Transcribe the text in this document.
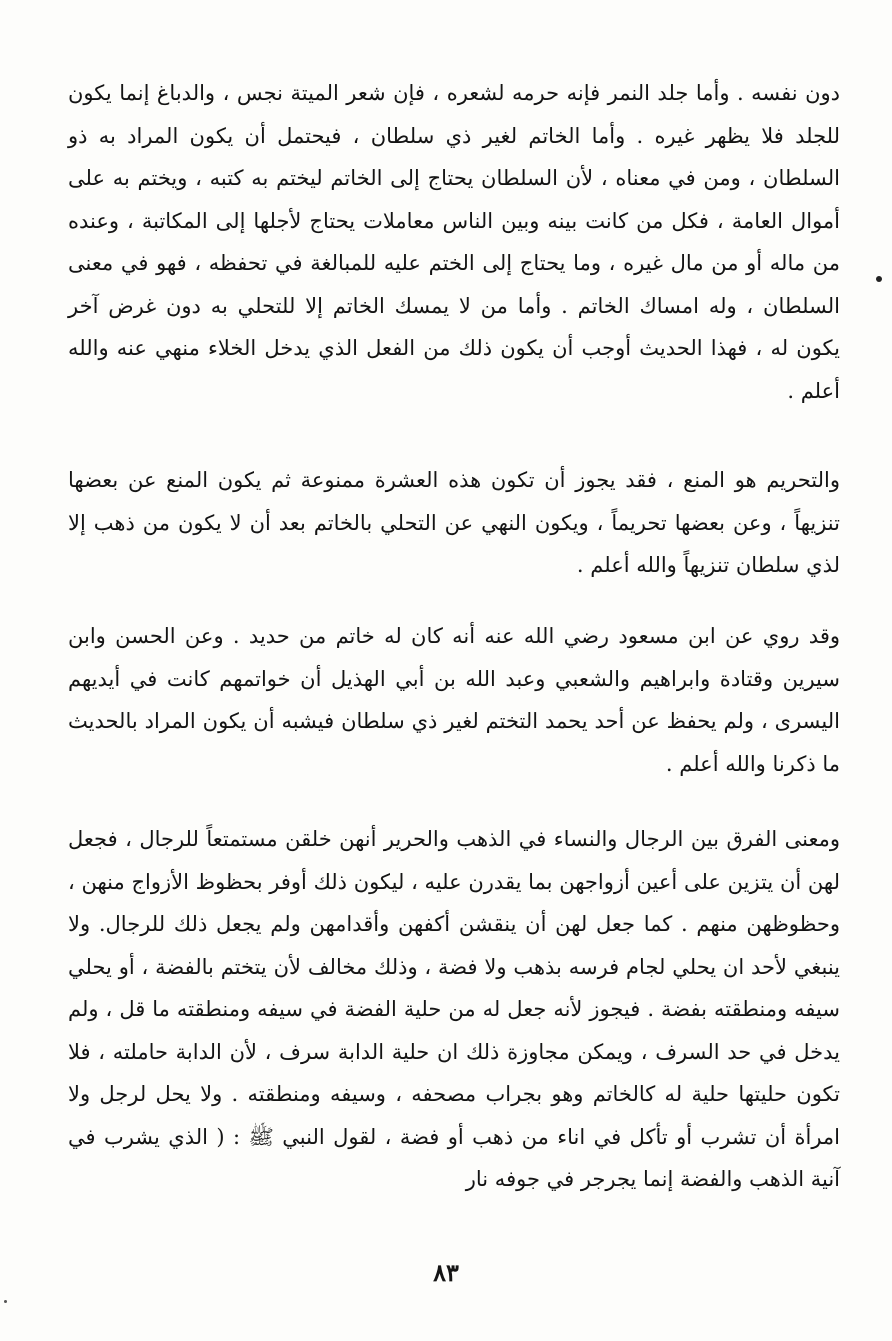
دون نفسه . وأما جلد النمر فإنه حرمه لشعره ، فإن شعر الميتة نجس ، والدباغ إنما يكون للجلد فلا يظهر غيره . وأما الخاتم لغير ذي سلطان ، فيحتمل أن يكون المراد به ذو السلطان ، ومن في معناه ، لأن السلطان يحتاج إلى الخاتم ليختم به كتبه ، ويختم به على أموال العامة ، فكل من كانت بينه وبين الناس معاملات يحتاج لأجلها إلى المكاتبة ، وعنده من ماله أو من مال غيره ، وما يحتاج إلى الختم عليه للمبالغة في تحفظه ، فهو في معنى السلطان ، وله امساك الخاتم . وأما من لا يمسك الخاتم إلا للتحلي به دون غرض آخر يكون له ، فهذا الحديث أوجب أن يكون ذلك من الفعل الذي يدخل الخلاء منهي عنه والله أعلم .

والتحريم هو المنع ، فقد يجوز أن تكون هذه العشرة ممنوعة ثم يكون المنع عن بعضها تنزيهاً ، وعن بعضها تحريماً ، ويكون النهي عن التحلي بالخاتم بعد أن لا يكون من ذهب إلا لذي سلطان تنزيهاً والله أعلم .

وقد روي عن ابن مسعود رضي الله عنه أنه كان له خاتم من حديد . وعن الحسن وابن سيرين وقتادة وابراهيم والشعبي وعبد الله بن أبي الهذيل أن خواتمهم كانت في أيديهم اليسرى ، ولم يحفظ عن أحد يحمد التختم لغير ذي سلطان فيشبه أن يكون المراد بالحديث ما ذكرنا والله أعلم .

ومعنى الفرق بين الرجال والنساء في الذهب والحرير أنهن خلقن مستمتعاً للرجال ، فجعل لهن أن يتزين على أعين أزواجهن بما يقدرن عليه ، ليكون ذلك أوفر بحظوظ الأزواج منهن ، وحظوظهن منهم . كما جعل لهن أن ينقشن أكفهن وأقدامهن ولم يجعل ذلك للرجال. ولا ينبغي لأحد ان يحلي لجام فرسه بذهب ولا فضة ، وذلك مخالف لأن يتختم بالفضة ، أو يحلي سيفه ومنطقته بفضة . فيجوز لأنه جعل له من حلية الفضة في سيفه ومنطقته ما قل ، ولم يدخل في حد السرف ، ويمكن مجاوزة ذلك ان حلية الدابة سرف ، لأن الدابة حاملته ، فلا تكون حليتها حلية له كالخاتم وهو بجراب مصحفه ، وسيفه ومنطقته . ولا يحل لرجل ولا امرأة أن تشرب أو تأكل في اناء من ذهب أو فضة ، لقول النبي ﷺ : ( الذي يشرب في آنية الذهب والفضة إنما يجرجر في جوفه نار

٨٣
